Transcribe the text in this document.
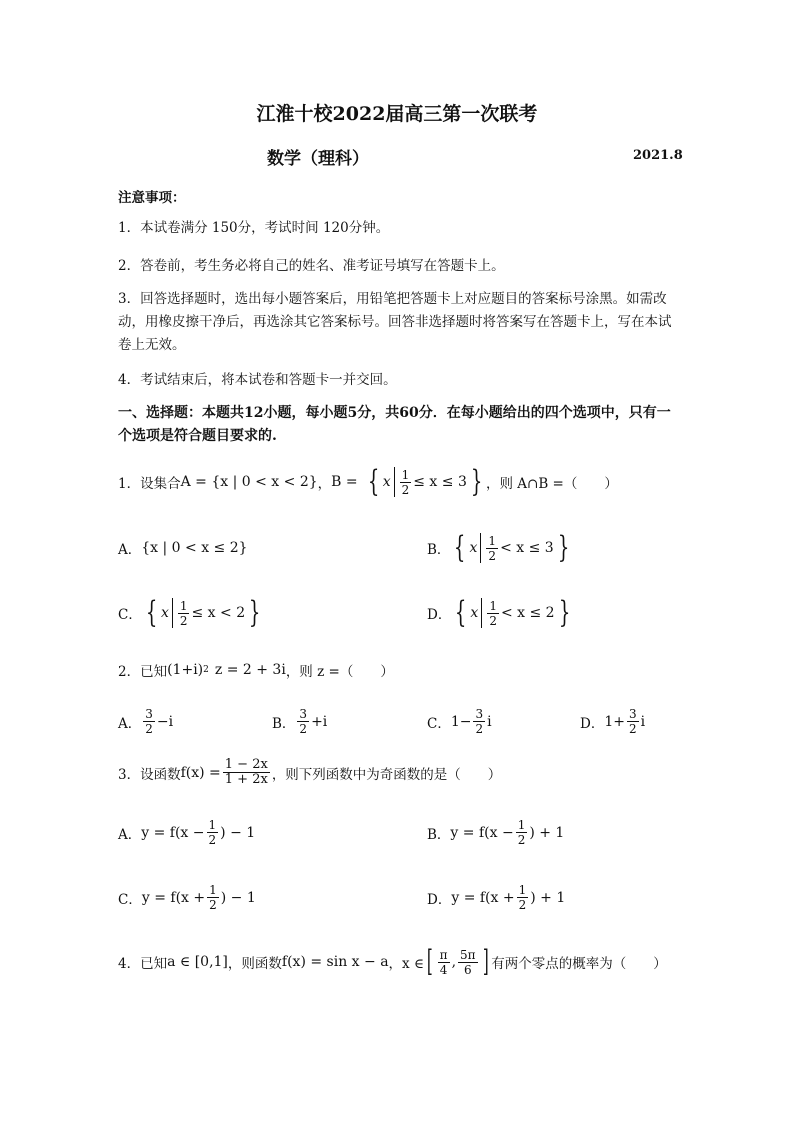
江淮十校2022届高三第一次联考
数学（理科）	2021.8
注意事项：
1．本试卷满分 150分，考试时间 120分钟。
2．答卷前，考生务必将自己的姓名、准考证号填写在答题卡上。
3．回答选择题时，选出每小题答案后，用铅笔把答题卡上对应题目的答案标号涂黑。如需改动，用橡皮擦干净后，再选涂其它答案标号。回答非选择题时将答案写在答题卡上，写在本试卷上无效。
4．考试结束后，将本试卷和答题卡一并交回。
一、选择题：本题共12小题，每小题5分，共60分．在每小题给出的四个选项中，只有一个选项是符合题目要求的.
1．设集合 A = {x | 0 < x < 2} ， B = { x $\frac{1}{2} \le x \le 3$ } ，则 A∩B =（　　）
A． {x | 0 < x ≤ 2}	B． { x $\frac{1}{2} < x \le 3$ }
C． { x $\frac{1}{2} \le x < 2$ }	D． { x $\frac{1}{2} < x \le 2$ }
2．已知 (1+i) 2 z = 2 + 3i ，则 z =（　　）
A． $\frac{3}{2} -i$	B． $\frac{3}{2} +i$	C． $1- \frac{3}{2}$ i	D． $1+ \frac{3}{2}$ i
3．设函数 $f(x) = \frac{1 - 2x}{1 + 2x}$ ，则下列函数中为奇函数的是（　　）
A． $y = f(x - \frac{1}{2}$ ) − 1	B． $y = f(x - \frac{1}{2}$ ) + 1
C． $y = f(x + \frac{1}{2}$ ) − 1	D． $y = f(x + \frac{1}{2}$ ) + 1
4．已知 a ∈ [0,1] ，则函数 f(x) = sin x − a ，x ∈ [ $\frac{\pi}{4}$ , $\frac{5\pi}{6}$ ] 有两个零点的概率为（　　）
